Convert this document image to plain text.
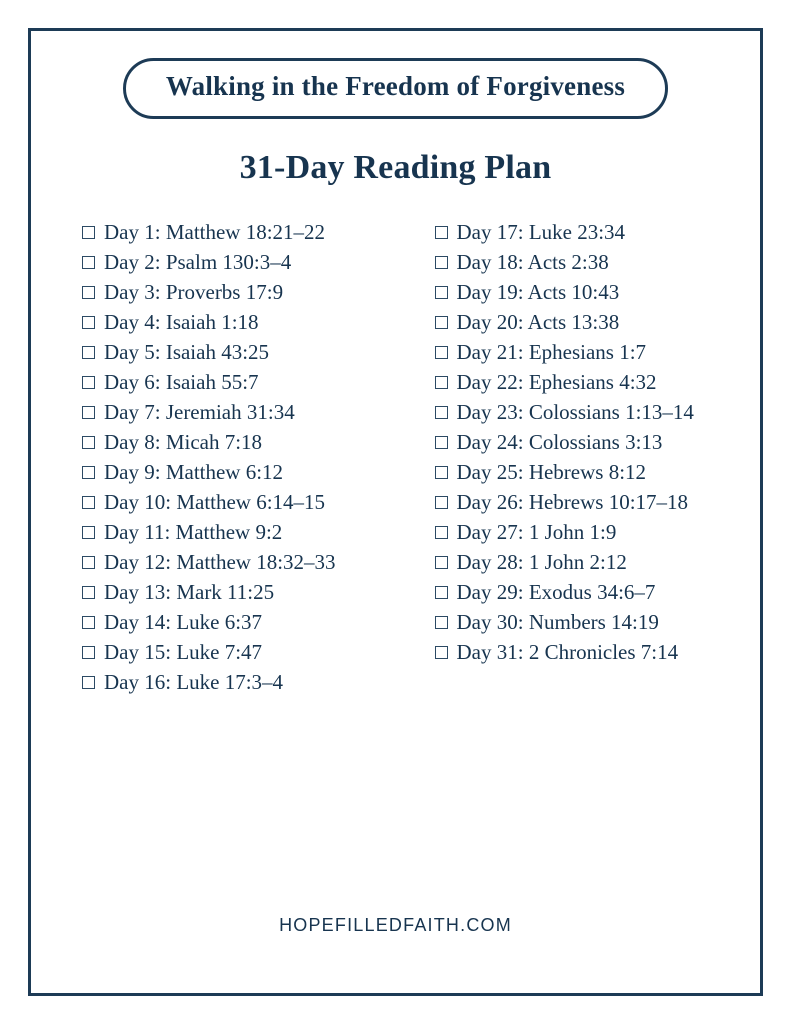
Walking in the Freedom of Forgiveness
31-Day Reading Plan
Day 1: Matthew 18:21–22
Day 2: Psalm 130:3–4
Day 3: Proverbs 17:9
Day 4: Isaiah 1:18
Day 5: Isaiah 43:25
Day 6: Isaiah 55:7
Day 7: Jeremiah 31:34
Day 8: Micah 7:18
Day 9: Matthew 6:12
Day 10: Matthew 6:14–15
Day 11: Matthew 9:2
Day 12: Matthew 18:32–33
Day 13: Mark 11:25
Day 14: Luke 6:37
Day 15: Luke 7:47
Day 16: Luke 17:3–4
Day 17: Luke 23:34
Day 18: Acts 2:38
Day 19: Acts 10:43
Day 20: Acts 13:38
Day 21: Ephesians 1:7
Day 22: Ephesians 4:32
Day 23: Colossians 1:13–14
Day 24: Colossians 3:13
Day 25: Hebrews 8:12
Day 26: Hebrews 10:17–18
Day 27: 1 John 1:9
Day 28: 1 John 2:12
Day 29: Exodus 34:6–7
Day 30: Numbers 14:19
Day 31: 2 Chronicles 7:14
HOPEFILLEDFAITH.COM
